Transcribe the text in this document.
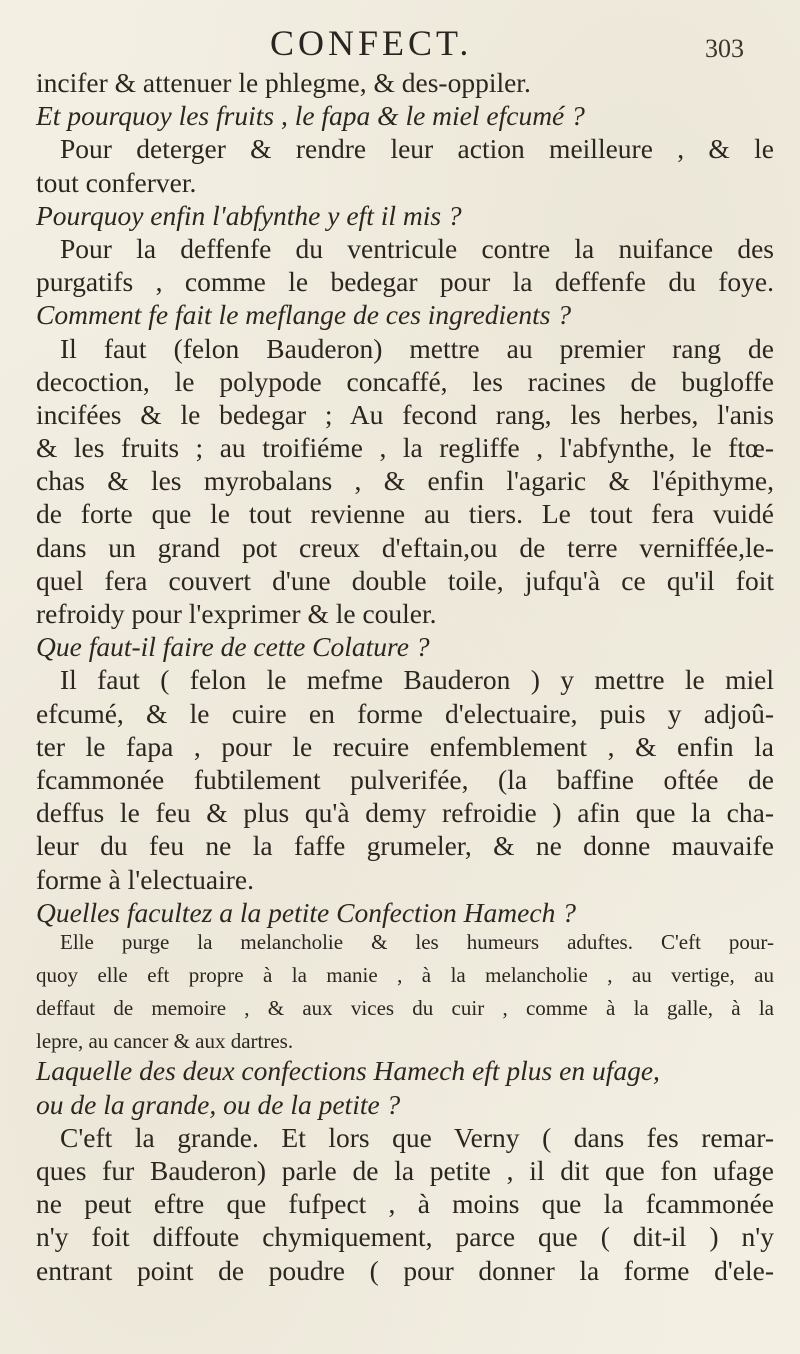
CONFECT.	303
incifer & attenuer le phlegme, & des-oppiler.
Et pourquoy les fruits , le fapa & le miel efcumé ?
Pour deterger & rendre leur action meilleure , & le
tout conferver.
Pourquoy enfin l'abfynthe y eft il mis ?
Pour la deffenfe du ventricule contre la nuifance des
purgatifs , comme le bedegar pour la deffenfe du foye.
Comment fe fait le meflange de ces ingredients ?
Il faut (felon Bauderon) mettre au premier rang de
decoction, le polypode concaffé, les racines de bugloffe
incifées & le bedegar ; Au fecond rang, les herbes, l'anis
& les fruits ; au troifiéme , la regliffe , l'abfynthe, le ftœ-
chas & les myrobalans , & enfin l'agaric & l'épithyme,
de forte que le tout revienne au tiers. Le tout fera vuidé
dans un grand pot creux d'eftain,ou de terre verniffée,le-
quel fera couvert d'une double toile, jufqu'à ce qu'il foit
refroidy pour l'exprimer & le couler.
Que faut-il faire de cette Colature ?
Il faut ( felon le mefme Bauderon ) y mettre le miel
efcumé, & le cuire en forme d'electuaire, puis y adjoû-
ter le fapa , pour le recuire enfemblement , & enfin la
fcammonée fubtilement pulverifée, (la baffine oftée de
deffus le feu & plus qu'à demy refroidie ) afin que la cha-
leur du feu ne la faffe grumeler, & ne donne mauvaife
forme à l'electuaire.
Quelles facultez a la petite Confection Hamech ?
Elle purge la melancholie & les humeurs aduftes. C'eft pour-
quoy elle eft propre à la manie , à la melancholie , au vertige, au
deffaut de memoire , & aux vices du cuir , comme à la galle, à la
lepre, au cancer & aux dartres.
Laquelle des deux confections Hamech eft plus en ufage,
ou de la grande, ou de la petite ?
C'eft la grande. Et lors que Verny ( dans fes remar-
ques fur Bauderon) parle de la petite , il dit que fon ufage
ne peut eftre que fufpect , à moins que la fcammonée
n'y foit diffoute chymiquement, parce que ( dit-il ) n'y
entrant point de poudre ( pour donner la forme d'ele-
